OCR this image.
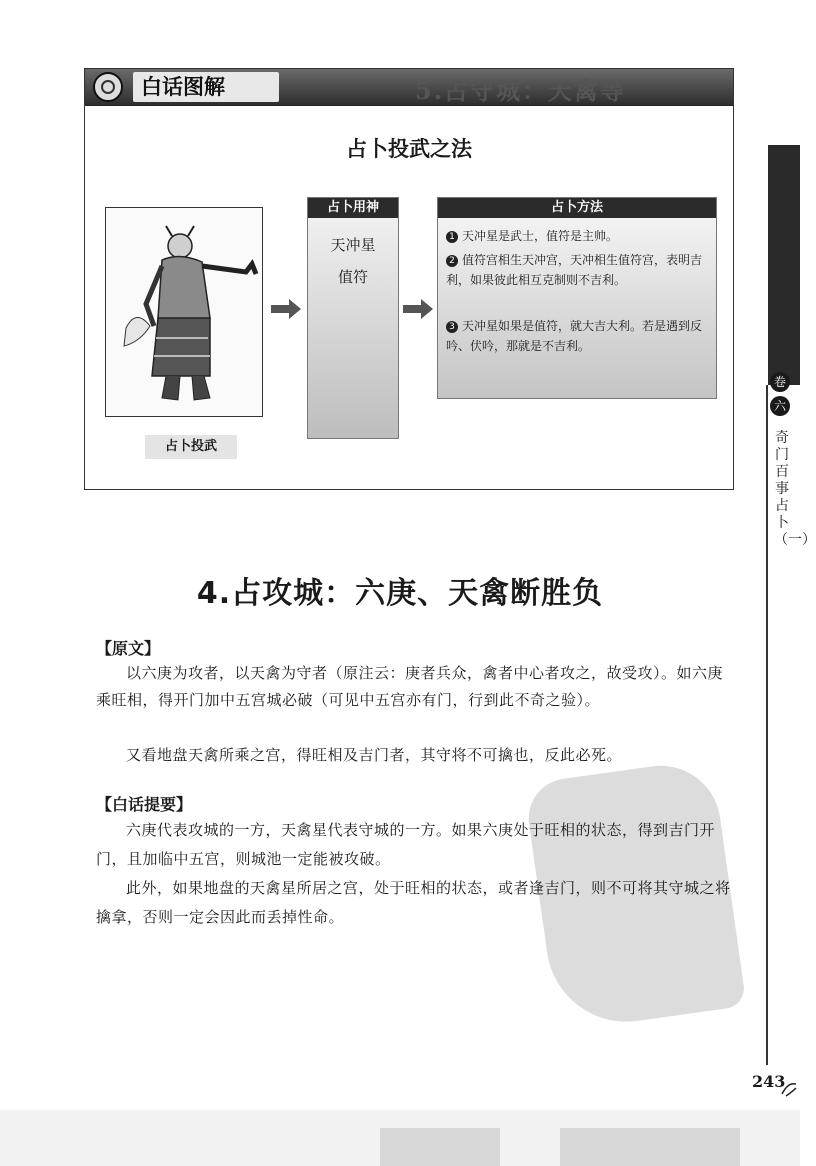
白话图解	5.占守城：天禽等
占卜投武之法
占卜投武
占卜用神
天冲星
值符
占卜方法
1 天冲星是武士，值符是主帅。
2 值符宫相生天冲宫，天冲相生值符宫，表明吉利，如果彼此相互克制则不吉利。
3 天冲星如果是值符，就大吉大利。若是遇到反吟、伏吟，那就是不吉利。
卷
六
奇门百事占卜（一）
4.占攻城：六庚、天禽断胜负
【原文】
以六庚为攻者，以天禽为守者（原注云：庚者兵众，禽者中心者攻之，故受攻）。如六庚乘旺相，得开门加中五宫城必破（可见中五宫亦有门，行到此不奇之验）。
又看地盘天禽所乘之宫，得旺相及吉门者，其守将不可擒也，反此必死。
【白话提要】
六庚代表攻城的一方，天禽星代表守城的一方。如果六庚处于旺相的状态，得到吉门开门，且加临中五宫，则城池一定能被攻破。
此外，如果地盘的天禽星所居之宫，处于旺相的状态，或者逢吉门，则不可将其守城之将擒拿，否则一定会因此而丢掉性命。
243
